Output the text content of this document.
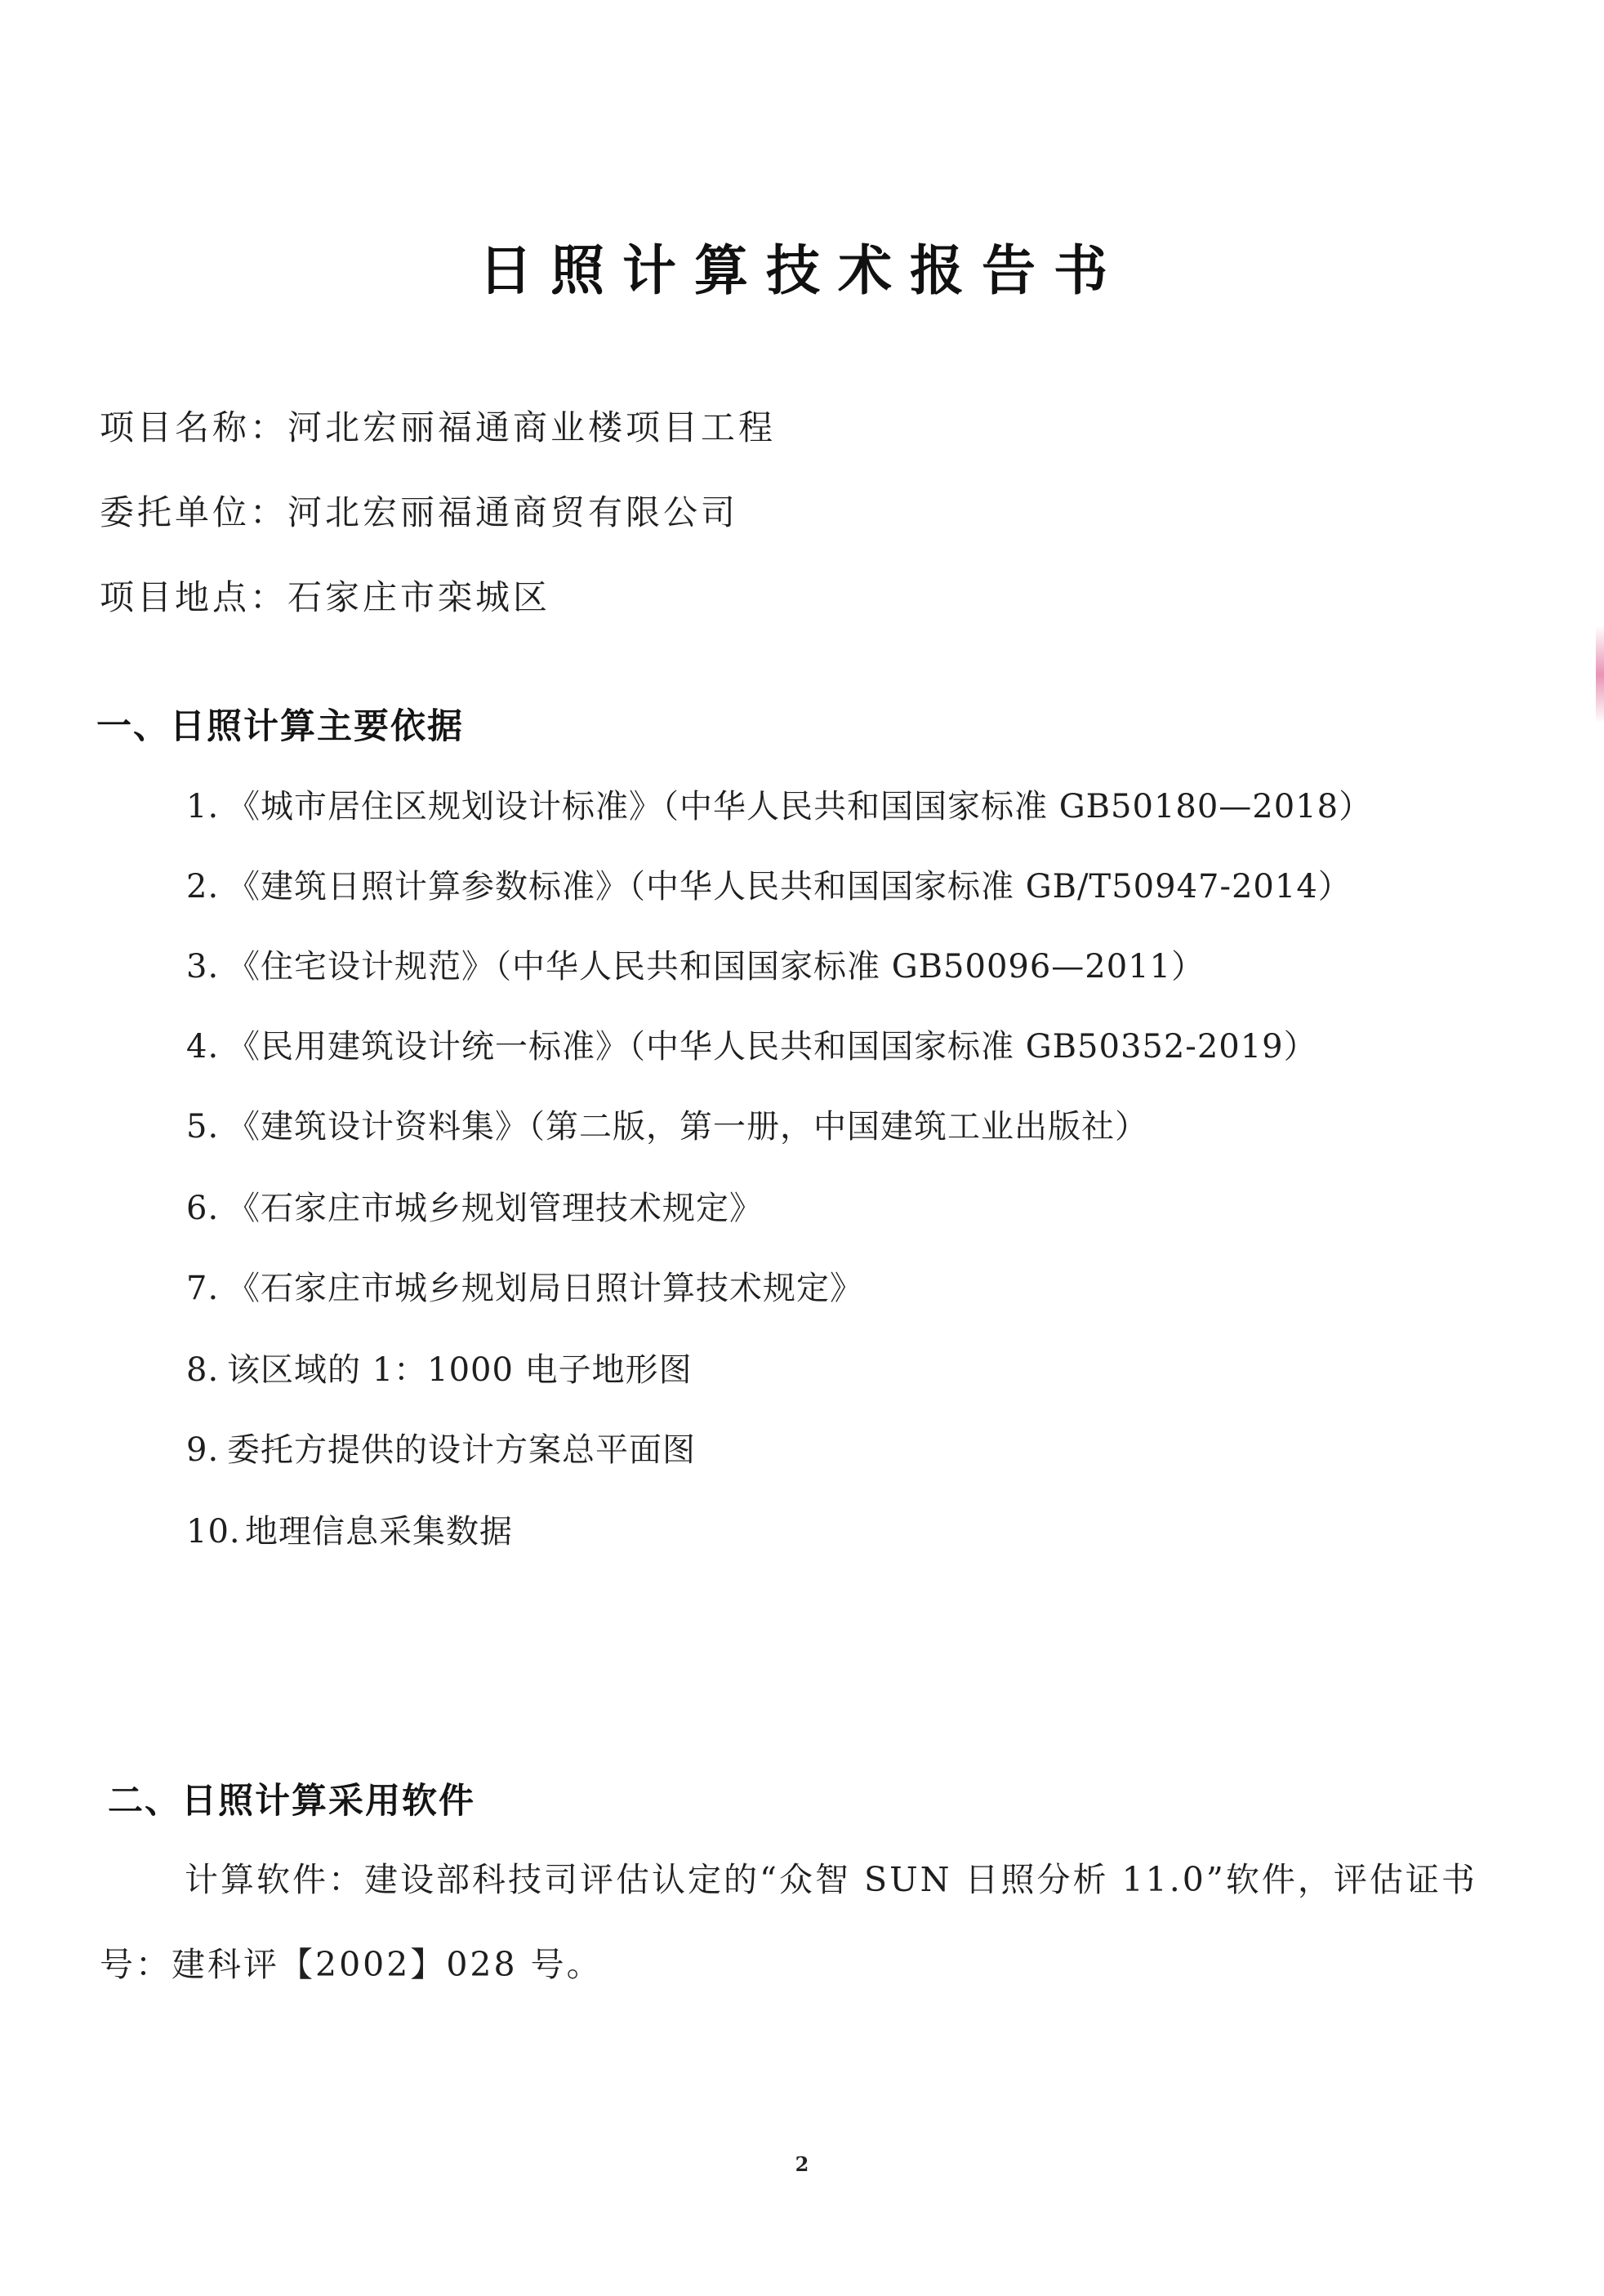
日照计算技术报告书
项目名称：河北宏丽福通商业楼项目工程
委托单位：河北宏丽福通商贸有限公司
项目地点：石家庄市栾城区
一、日照计算主要依据
1. 《城市居住区规划设计标准》（中华人民共和国国家标准 GB50180—2018）
2. 《建筑日照计算参数标准》（中华人民共和国国家标准 GB/T50947-2014）
3. 《住宅设计规范》（中华人民共和国国家标准 GB50096—2011）
4. 《民用建筑设计统一标准》（中华人民共和国国家标准 GB50352-2019）
5. 《建筑设计资料集》（第二版，第一册，中国建筑工业出版社）
6. 《石家庄市城乡规划管理技术规定》
7. 《石家庄市城乡规划局日照计算技术规定》
8. 该区域的 1：1000 电子地形图
9. 委托方提供的设计方案总平面图
10. 地理信息采集数据
二、日照计算采用软件
计算软件：建设部科技司评估认定的“众智 SUN 日照分析 11.0”软件，评估证书号：建科评【2002】028 号。
2
